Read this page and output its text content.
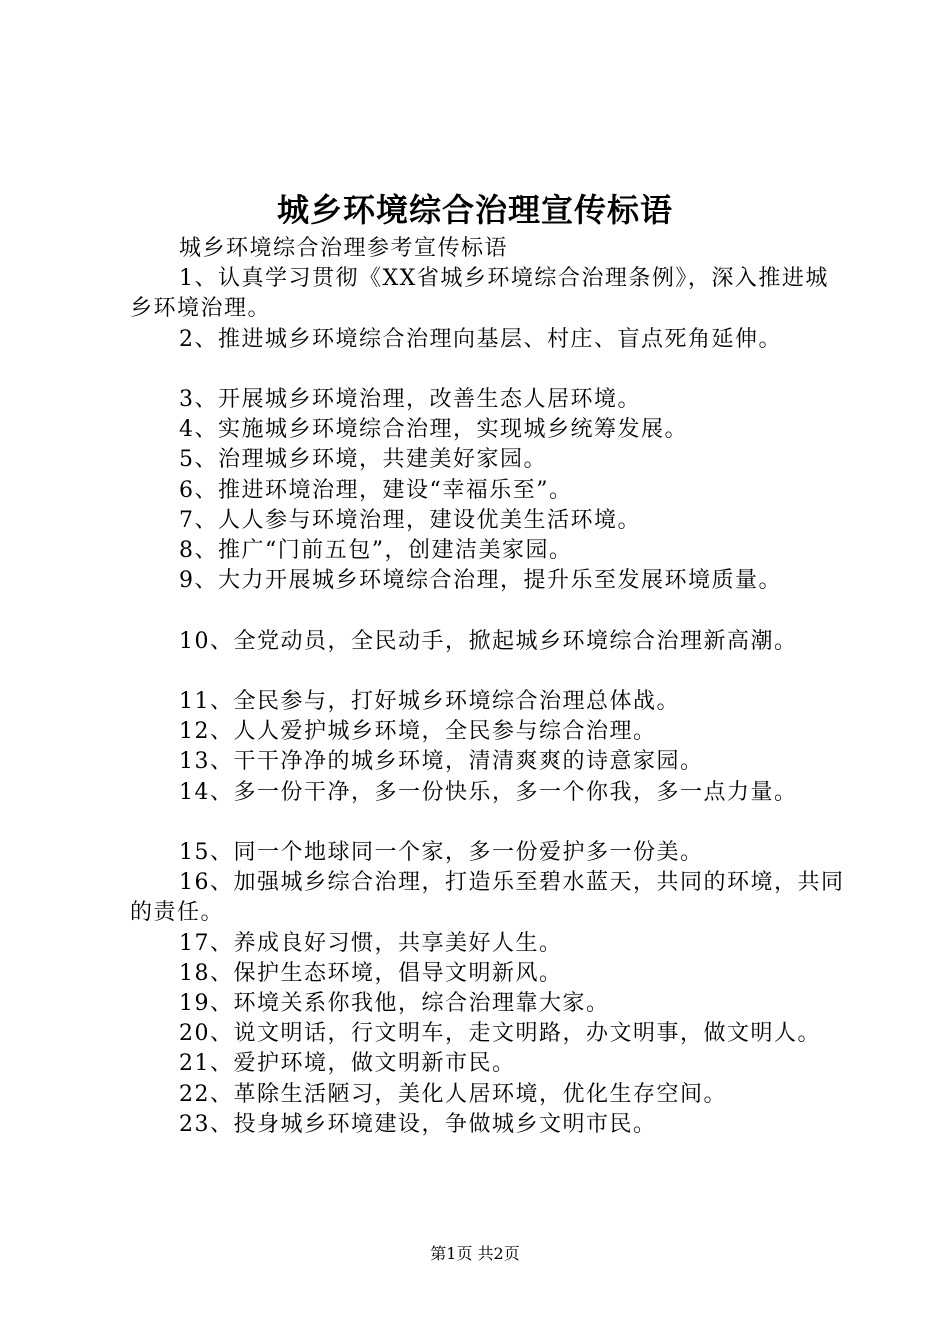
城乡环境综合治理宣传标语

城乡环境综合治理参考宣传标语

1、认真学习贯彻《XX省城乡环境综合治理条例》，深入推进城乡环境治理。

2、推进城乡环境综合治理向基层、村庄、盲点死角延伸。

3、开展城乡环境治理，改善生态人居环境。

4、实施城乡环境综合治理，实现城乡统筹发展。

5、治理城乡环境，共建美好家园。

6、推进环境治理，建设“幸福乐至”。

7、人人参与环境治理，建设优美生活环境。

8、推广“门前五包”，创建洁美家园。

9、大力开展城乡环境综合治理，提升乐至发展环境质量。

10、全党动员，全民动手，掀起城乡环境综合治理新高潮。

11、全民参与，打好城乡环境综合治理总体战。

12、人人爱护城乡环境，全民参与综合治理。

13、干干净净的城乡环境，清清爽爽的诗意家园。

14、多一份干净，多一份快乐，多一个你我，多一点力量。

15、同一个地球同一个家，多一份爱护多一份美。

16、加强城乡综合治理，打造乐至碧水蓝天，共同的环境，共同的责任。

17、养成良好习惯，共享美好人生。

18、保护生态环境，倡导文明新风。

19、环境关系你我他，综合治理靠大家。

20、说文明话，行文明车，走文明路，办文明事，做文明人。

21、爱护环境，做文明新市民。

22、革除生活陋习，美化人居环境，优化生存空间。

23、投身城乡环境建设，争做城乡文明市民。

第1页 共2页
